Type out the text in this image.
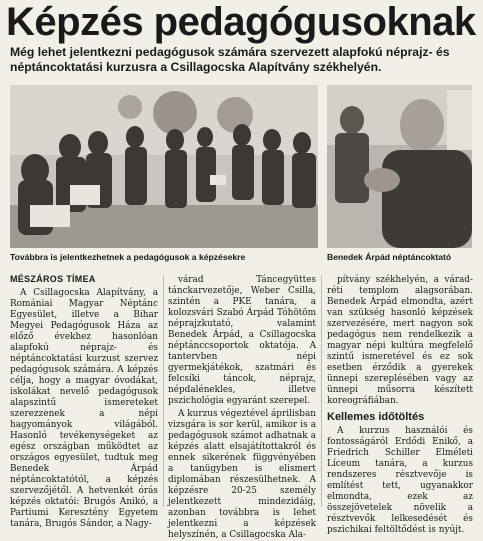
Képzés pedagógusoknak
Még lehet jelentkezni pedagógusok számára szervezett alapfokú néprajz- és néptáncoktatási kurzusra a Csillagocska Alapítvány székhelyén.
Továbbra is jelentkezhetnek a pedagógusok a képzésekre	Benedek Árpád néptáncoktató
MÉSZÁROS TÍMEA

A Csillagocska Alapítvány, a Romániai Magyar Néptánc Egyesület, illetve a Bihar Megyei Pedagógusok Háza az előző évekhez hasonlóan alapfokú néprajz- és néptáncoktatási kurzust szervez pedagógusok számára. A képzés célja, hogy a magyar óvodákat, iskolákat nevelő pedagógusok alapszintű ismereteket szerezzenek a népi hagyományok világából. Hasonló tevékenységeket az egész országban működtet az országos egyesület, tudtuk meg Benedek Árpád néptáncoktatótól, a képzés szervezőjétől. A hetvenkét órás képzés oktatói: Brugós Anikó, a Partiumi Keresztény Egyetem tanára, Brugós Sándor, a Nagy-

várad Táncegyüttes tánckarvezetője, Weber Csilla, szintén a PKE tanára, a kolozsvári Szabó Árpád Tóhötöm néprajzkutató, valamint Benedek Árpád, a Csillagocska néptánccsoportok oktatója. A tantervben népi gyermekjátékok, szatmári és felcsíki táncok, néprajz, népdalénekles, illetve pszichológia egyaránt szerepel.

A kurzus végeztével áprilisban vizsgára is sor kerül, amikor is a pedagógusok számot adhatnak a képzés alatt elsajátítottakról és ennek sikerének függvényében a tanügyben is elismert diplomában részesülhetnek. A képzésre 20-25 személy jelentkezett mindezidáig, azonban továbbra is lehet jelentkezni a képzések helyszínén, a Csillagocska Ala-

pítvány székhelyén, a várad-réti templom alagsorában. Benedek Árpád elmondta, azért van szükség hasonló képzések szervezésére, mert nagyon sok pedagógus nem rendelkezik a magyar népi kultúra megfelelő szintű ismeretével és ez sok esetben érződik a gyerekek ünnepi szereplésében vagy az ünnepi műsorra készített koreográfiában.

Kellemes időtöltés

A kurzus használói és fontosságáról Erdődi Enikő, a Friedrich Schiller Elméleti Líceum tanára, a kurzus rendszeres résztvevője is említést tett, ugyanakkor elmondta, ezek az összejövetelek növelik a résztvevők lelkesedését és pszichikai feltöltődést is nyújt.
